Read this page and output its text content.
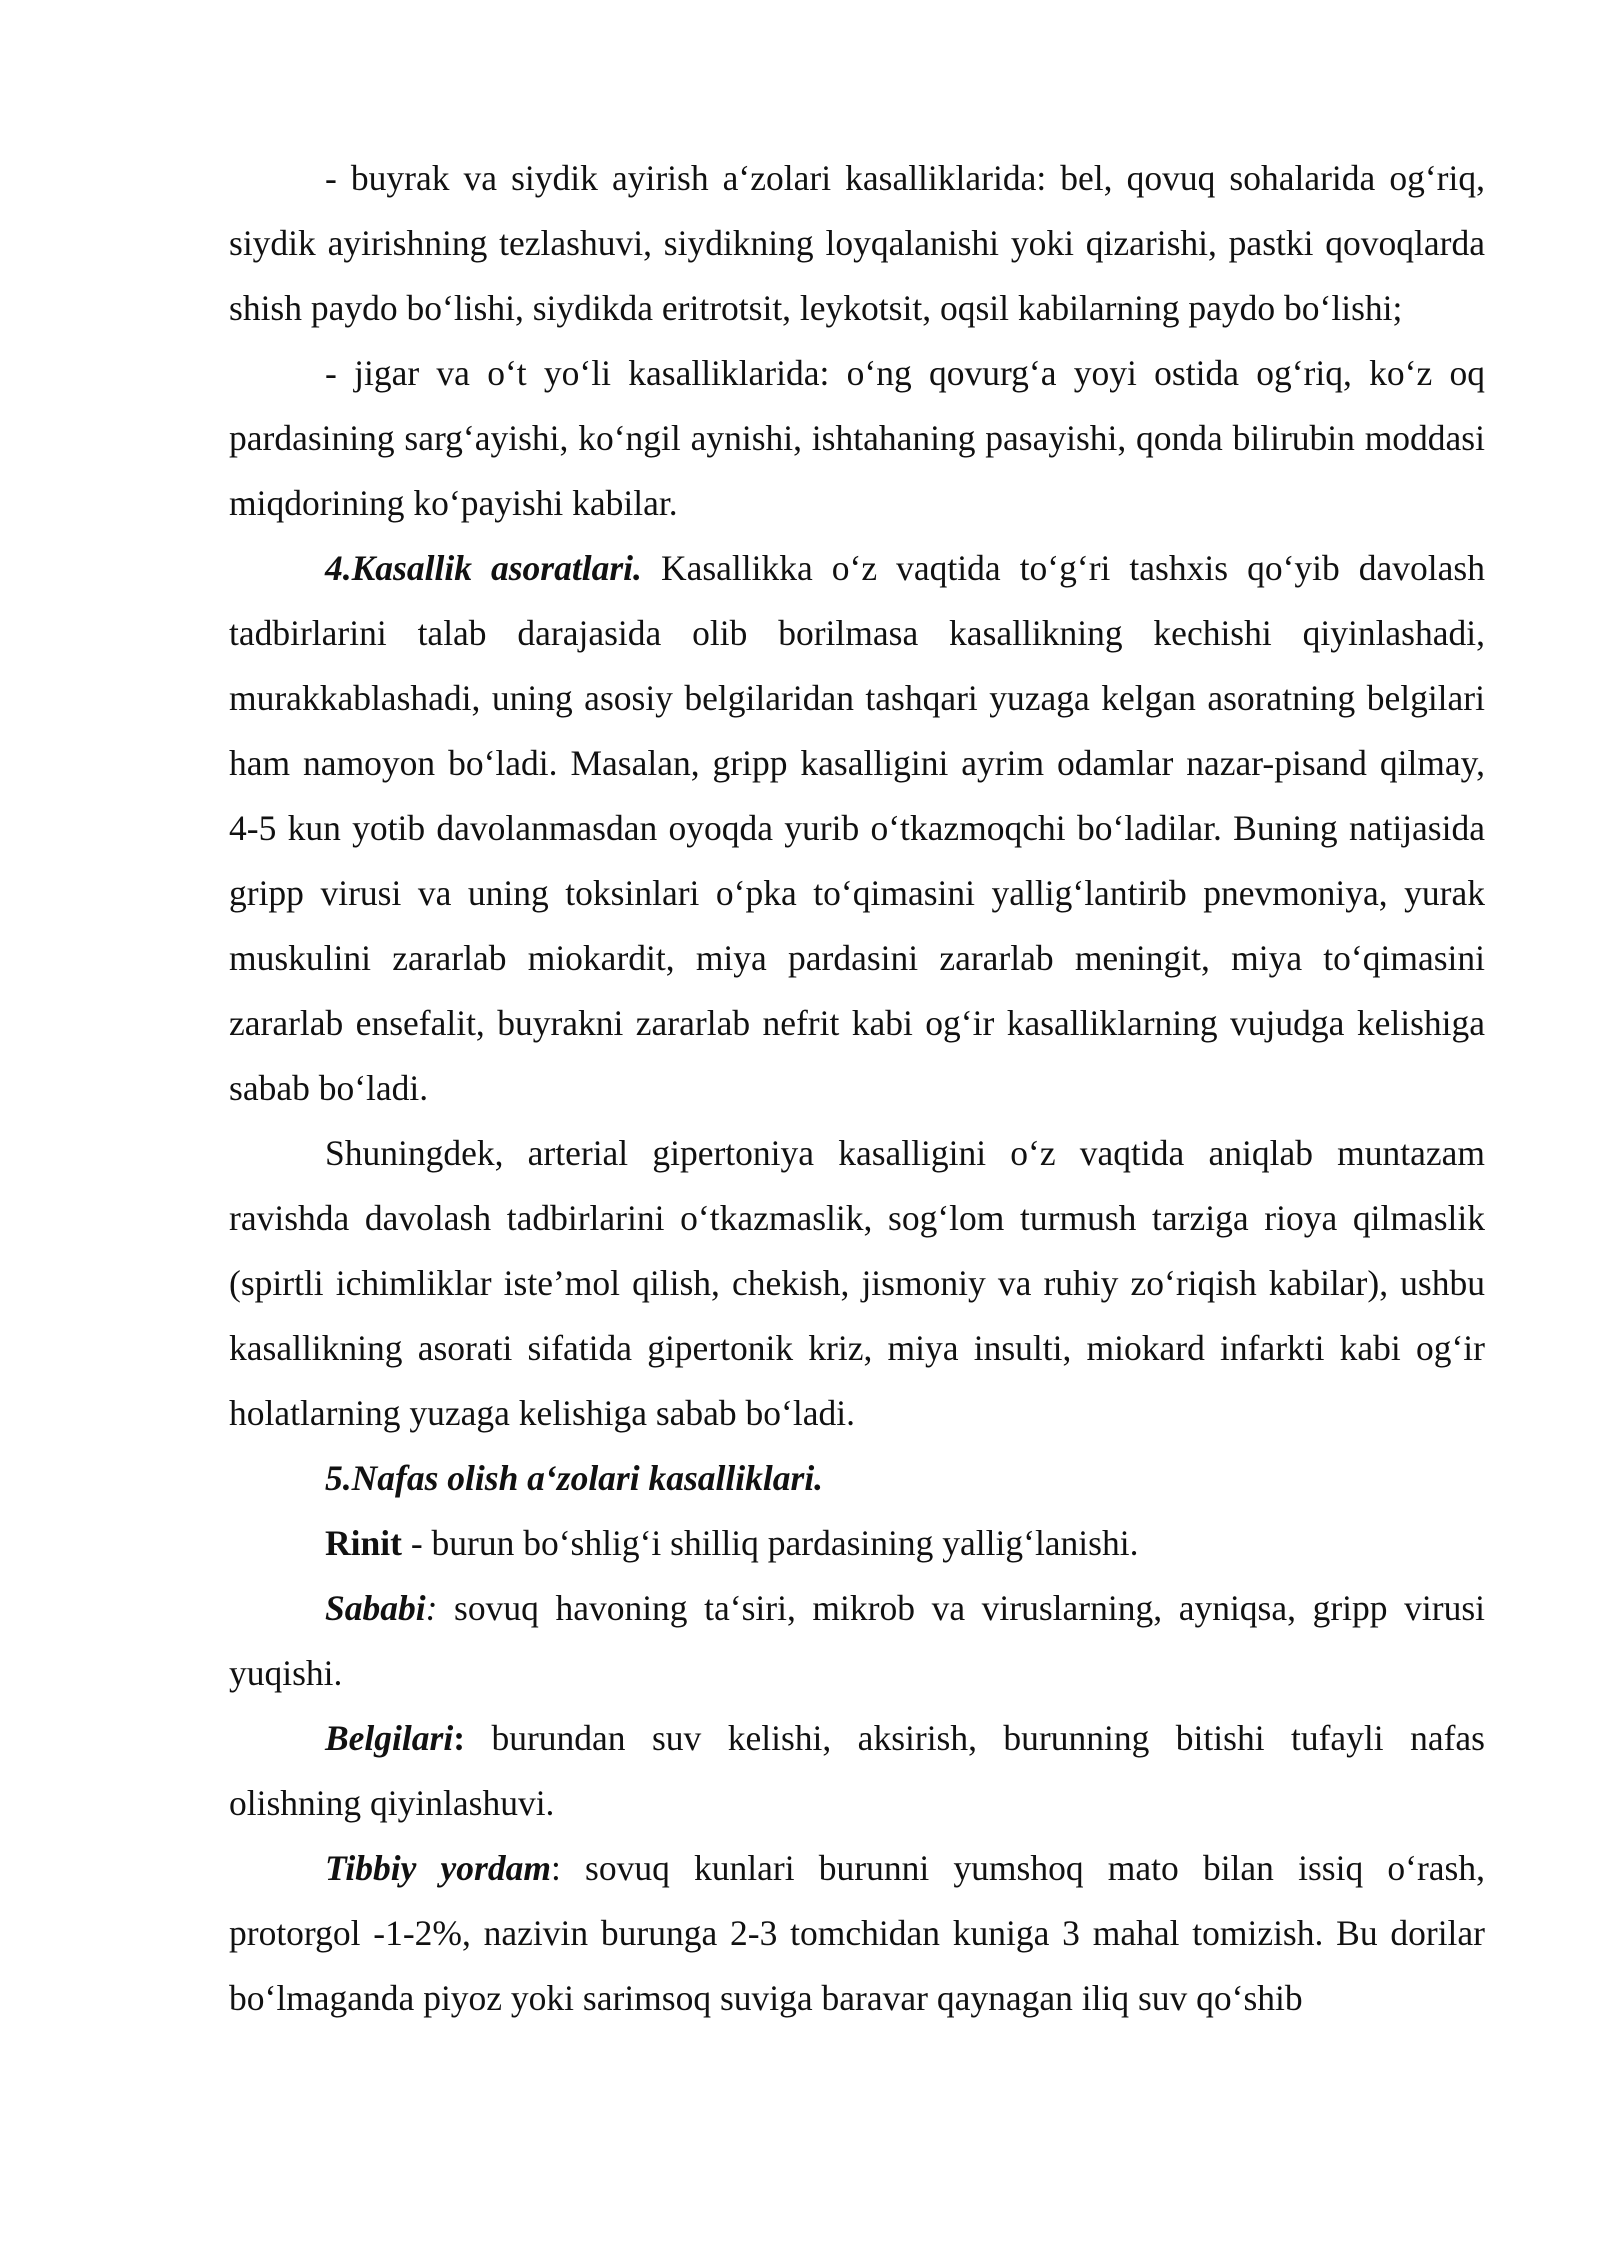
- buyrak va siydik ayirish a‘zolari kasalliklarida: bel, qovuq sohalarida og‘riq, siydik ayirishning tezlashuvi, siydikning loyqalanishi yoki qizarishi, pastki qovoqlarda shish paydo bo‘lishi, siydikda eritrotsit, leykotsit, oqsil kabilarning paydo bo‘lishi;

- jigar va o‘t yo‘li kasalliklarida: o‘ng qovurg‘a yoyi ostida og‘riq, ko‘z oq pardasining sarg‘ayishi, ko‘ngil aynishi, ishtahaning pasayishi, qonda bilirubin moddasi miqdorining ko‘payishi kabilar.

4.Kasallik asoratlari. Kasallikka o‘z vaqtida to‘g‘ri tashxis qo‘yib davolash tadbirlarini talab darajasida olib borilmasa kasallikning kechishi qiyinlashadi, murakkablashadi, uning asosiy belgilaridan tashqari yuzaga kelgan asoratning belgilari ham namoyon bo‘ladi. Masalan, gripp kasalligini ayrim odamlar nazar-pisand qilmay, 4-5 kun yotib davolanmasdan oyoqda yurib o‘tkazmoqchi bo‘ladilar. Buning natijasida gripp virusi va uning toksinlari o‘pka to‘qimasini yallig‘lantirib pnevmoniya, yurak muskulini zararlab miokardit, miya pardasini zararlab meningit, miya to‘qimasini zararlab ensefalit, buyrakni zararlab nefrit kabi og‘ir kasalliklarning vujudga kelishiga sabab bo‘ladi.

Shuningdek, arterial gipertoniya kasalligini o‘z vaqtida aniqlab muntazam ravishda davolash tadbirlarini o‘tkazmaslik, sog‘lom turmush tarziga rioya qilmaslik (spirtli ichimliklar iste’mol qilish, chekish, jismoniy va ruhiy zo‘riqish kabilar), ushbu kasallikning asorati sifatida gipertonik kriz, miya insulti, miokard infarkti kabi og‘ir holatlarning yuzaga kelishiga sabab bo‘ladi.

5.Nafas olish a‘zolari kasalliklari.

Rinit - burun bo‘shlig‘i shilliq pardasining yallig‘lanishi.

Sababi: sovuq havoning ta‘siri, mikrob va viruslarning, ayniqsa, gripp virusi yuqishi.

Belgilari: burundan suv kelishi, aksirish, burunning bitishi tufayli nafas olishning qiyinlashuvi.

Tibbiy yordam: sovuq kunlari burunni yumshoq mato bilan issiq o‘rash, protorgol -1-2%, nazivin burunga 2-3 tomchidan kuniga 3 mahal tomizish. Bu dorilar bo‘lmaganda piyoz yoki sarimsoq suviga baravar qaynagan iliq suv qo‘shib
